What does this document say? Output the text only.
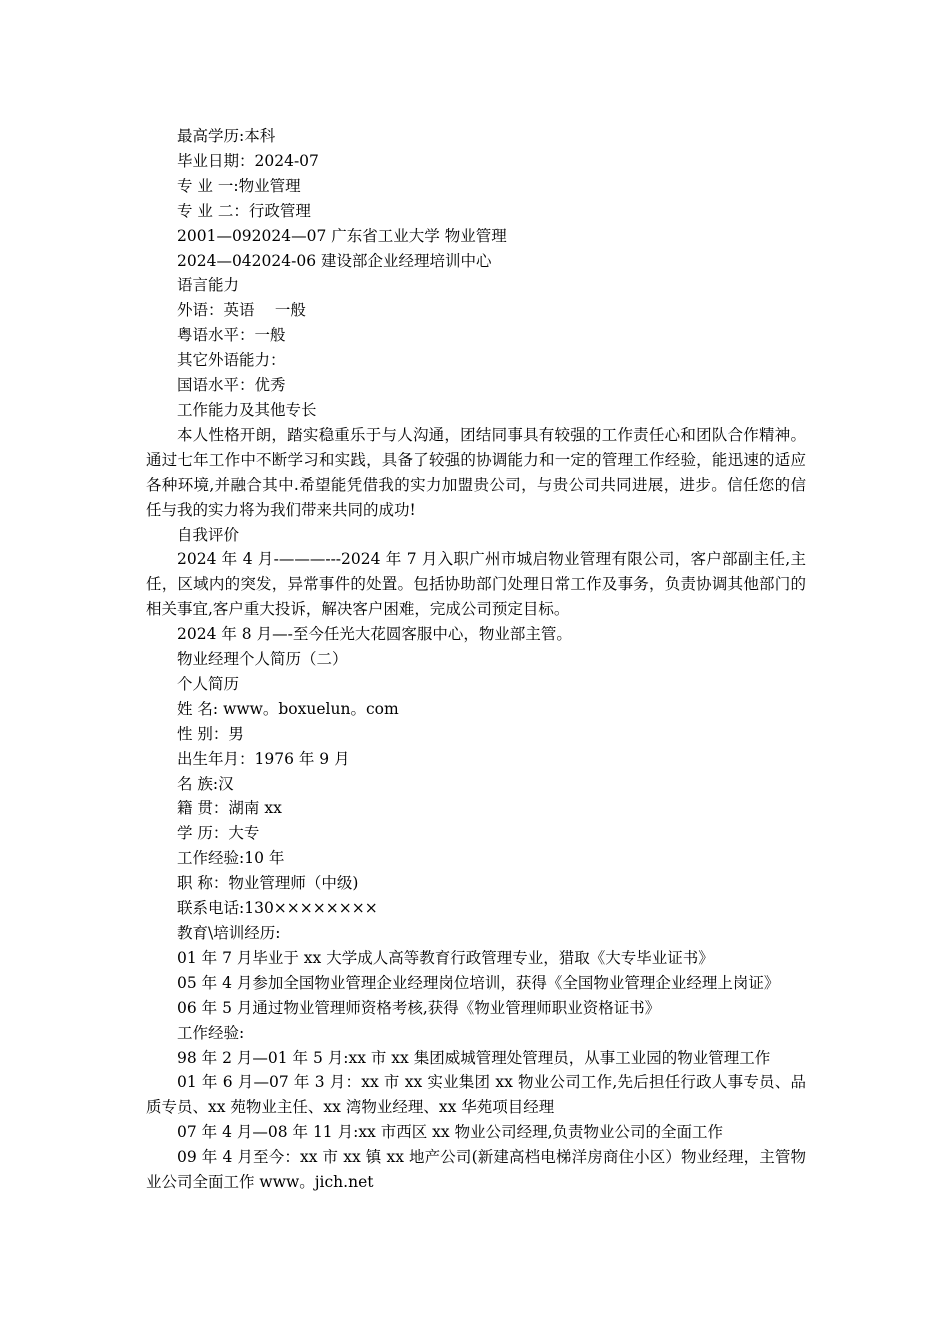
最高学历:本科

毕业日期：2024-07

专 业 一:物业管理

专 业 二：行政管理

2001—092024—07 广东省工业大学 物业管理

2024—042024-06 建设部企业经理培训中心

语言能力

外语：英语　 一般

粤语水平：一般

其它外语能力：

国语水平：优秀

工作能力及其他专长

本人性格开朗，踏实稳重乐于与人沟通，团结同事具有较强的工作责任心和团队合作精神。通过七年工作中不断学习和实践，具备了较强的协调能力和一定的管理工作经验，能迅速的适应各种环境,并融合其中.希望能凭借我的实力加盟贵公司，与贵公司共同进展，进步。信任您的信任与我的实力将为我们带来共同的成功!

自我评价

2024 年 4 月-———---2024 年 7 月入职广州市城启物业管理有限公司，客户部副主任,主任，区域内的突发，异常事件的处置。包括协助部门处理日常工作及事务，负责协调其他部门的相关事宜,客户重大投诉，解决客户困难，完成公司预定目标。

2024 年 8 月—-至今任光大花圆客服中心，物业部主管。

物业经理个人简历（二）

个人简历

姓 名: www。boxuelun。com

性 别：男

出生年月：1976 年 9 月

名 族:汉

籍 贯：湖南 xx

学 历：大专

工作经验:10 年

职 称：物业管理师（中级)

联系电话:130××××××××

教育\培训经历:

01 年 7 月毕业于 xx 大学成人高等教育行政管理专业，猎取《大专毕业证书》

05 年 4 月参加全国物业管理企业经理岗位培训，获得《全国物业管理企业经理上岗证》

06 年 5 月通过物业管理师资格考核,获得《物业管理师职业资格证书》

工作经验:

98 年 2 月—01 年 5 月:xx 市 xx 集团威城管理处管理员，从事工业园的物业管理工作

01 年 6 月—07 年 3 月：xx 市 xx 实业集团 xx 物业公司工作,先后担任行政人事专员、品质专员、xx 苑物业主任、xx 湾物业经理、xx 华苑项目经理

07 年 4 月—08 年 11 月:xx 市西区 xx 物业公司经理,负责物业公司的全面工作

09 年 4 月至今：xx 市 xx 镇 xx 地产公司(新建高档电梯洋房商住小区）物业经理，主管物业公司全面工作 www。jich.net
